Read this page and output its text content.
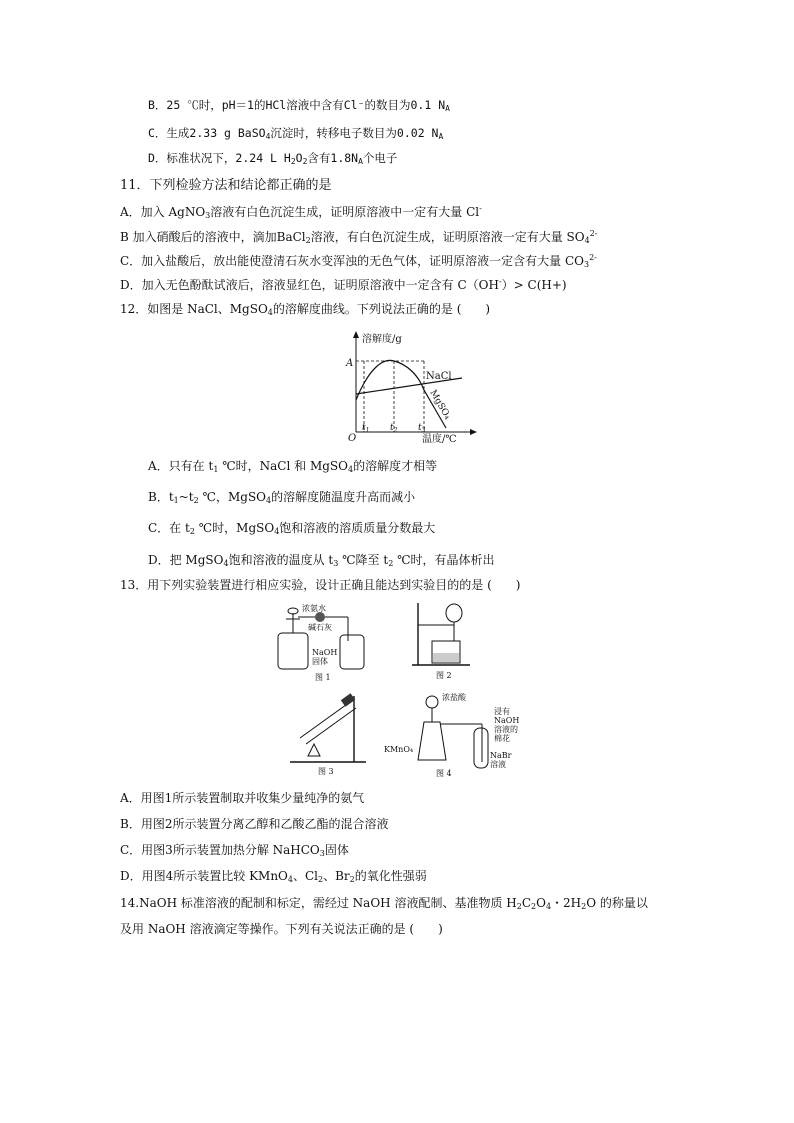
B．25 ℃时，pH＝1的HCl溶液中含有Cl⁻的数目为0.1 $N_A$
C．生成2.33 g BaSO$_4$沉淀时，转移电子数目为0.02 $N_A$
D．标准状况下，2.24 L $H_2O_2$含有$1.8N_A$个电子
11．下列检验方法和结论都正确的是
A．加入 AgNO$_3$溶液有白色沉淀生成，证明原溶液中一定有大量 Cl-
B 加入硝酸后的溶液中，滴加BaCl$_2$溶液，有白色沉淀生成，证明原溶液一定有大量 $SO_4^{2-}$
C．加入盐酸后，放出能使澄清石灰水变浑浊的无色气体，证明原溶液一定含有大量 $CO_3^{2-}$
D．加入无色酚酞试液后，溶液显红色，证明原溶液中一定含有 C（OH-）> C(H+)
12．如图是 NaCl、MgSO$_4$的溶解度曲线。下列说法正确的是 (　　)
溶解度/g
温度/℃
O
A
NaCl
MgSO₄
$t_1$ $t_2$ $t_3$
A．只有在 $t_1$ ℃时，NaCl 和 MgSO$_4$的溶解度才相等
B．$t_1\sim t_2$ ℃，MgSO$_4$的溶解度随温度升高而减小
C．在 $t_2$ ℃时，MgSO$_4$饱和溶液的溶质质量分数最大
D．把 MgSO$_4$饱和溶液的温度从 $t_3$ ℃降至 $t_2$ ℃时，有晶体析出
13．用下列实验装置进行相应实验，设计正确且能达到实验目的的是 (　　)
浓氨水
碱石灰
NaOH
固体
图 1	图 2
图 3
浓盐酸
KMnO₄
浸有
NaOH
溶液的
棉花
NaBr
溶液
图 4
A．用图1所示装置制取并收集少量纯净的氨气
B．用图2所示装置分离乙醇和乙酸乙酯的混合溶液
C．用图3所示装置加热分解 NaHCO$_3$固体
D．用图4所示装置比较 KMnO$_4$、$Cl_2$、$Br_2$的氧化性强弱
14.NaOH 标准溶液的配制和标定，需经过 NaOH 溶液配制、基准物质 $H_2C_2O_4$・$2H_2O$ 的称量以
及用 NaOH 溶液滴定等操作。下列有关说法正确的是 (　　)
